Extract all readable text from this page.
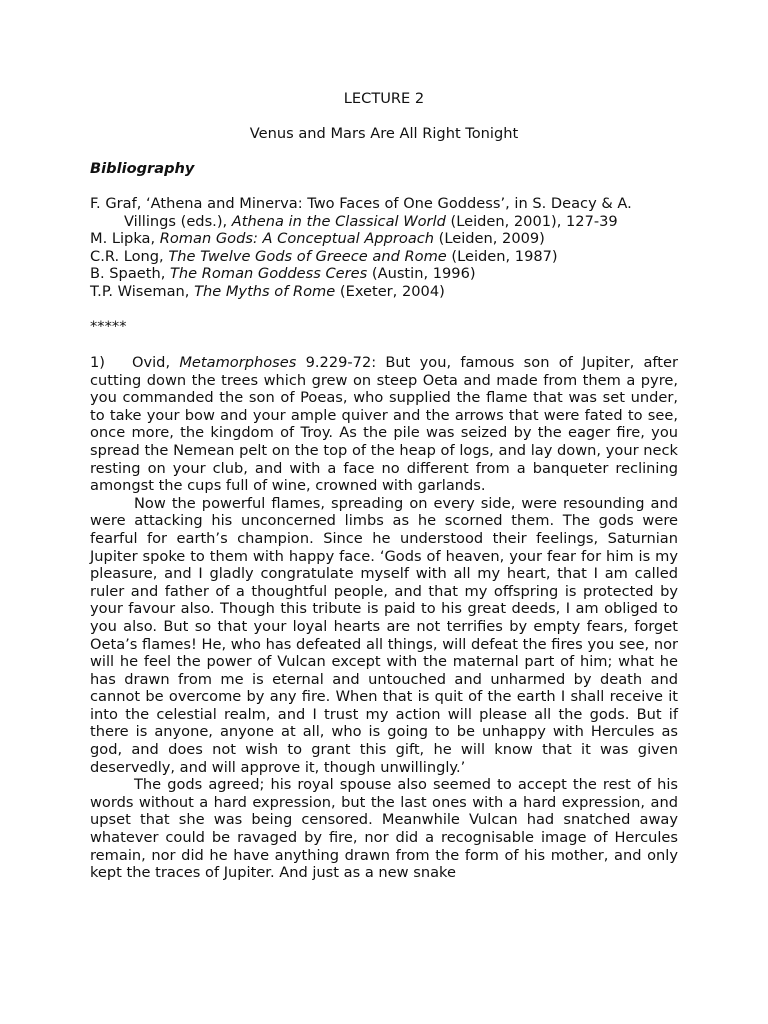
LECTURE 2
Venus and Mars Are All Right Tonight
Bibliography
F. Graf, ‘Athena and Minerva: Two Faces of One Goddess’, in S. Deacy & A. Villings (eds.), Athena in the Classical World (Leiden, 2001), 127-39
M. Lipka, Roman Gods: A Conceptual Approach (Leiden, 2009)
C.R. Long, The Twelve Gods of Greece and Rome (Leiden, 1987)
B. Spaeth, The Roman Goddess Ceres (Austin, 1996)
T.P. Wiseman, The Myths of Rome (Exeter, 2004)
*****

1) Ovid, Metamorphoses 9.229-72: But you, famous son of Jupiter, after cutting down the trees which grew on steep Oeta and made from them a pyre, you commanded the son of Poeas, who supplied the flame that was set under, to take your bow and your ample quiver and the arrows that were fated to see, once more, the kingdom of Troy. As the pile was seized by the eager fire, you spread the Nemean pelt on the top of the heap of logs, and lay down, your neck resting on your club, and with a face no different from a banqueter reclining amongst the cups full of wine, crowned with garlands.

Now the powerful flames, spreading on every side, were resounding and were attacking his unconcerned limbs as he scorned them. The gods were fearful for earth’s champion. Since he understood their feelings, Saturnian Jupiter spoke to them with happy face. ‘Gods of heaven, your fear for him is my pleasure, and I gladly congratulate myself with all my heart, that I am called ruler and father of a thoughtful people, and that my offspring is protected by your favour also. Though this tribute is paid to his great deeds, I am obliged to you also. But so that your loyal hearts are not terrifies by empty fears, forget Oeta’s flames! He, who has defeated all things, will defeat the fires you see, nor will he feel the power of Vulcan except with the maternal part of him; what he has drawn from me is eternal and untouched and unharmed by death and cannot be overcome by any fire. When that is quit of the earth I shall receive it into the celestial realm, and I trust my action will please all the gods. But if there is anyone, anyone at all, who is going to be unhappy with Hercules as god, and does not wish to grant this gift, he will know that it was given deservedly, and will approve it, though unwillingly.’

The gods agreed; his royal spouse also seemed to accept the rest of his words without a hard expression, but the last ones with a hard expression, and upset that she was being censored. Meanwhile Vulcan had snatched away whatever could be ravaged by fire, nor did a recognisable image of Hercules remain, nor did he have anything drawn from the form of his mother, and only kept the traces of Jupiter. And just as a new snake
